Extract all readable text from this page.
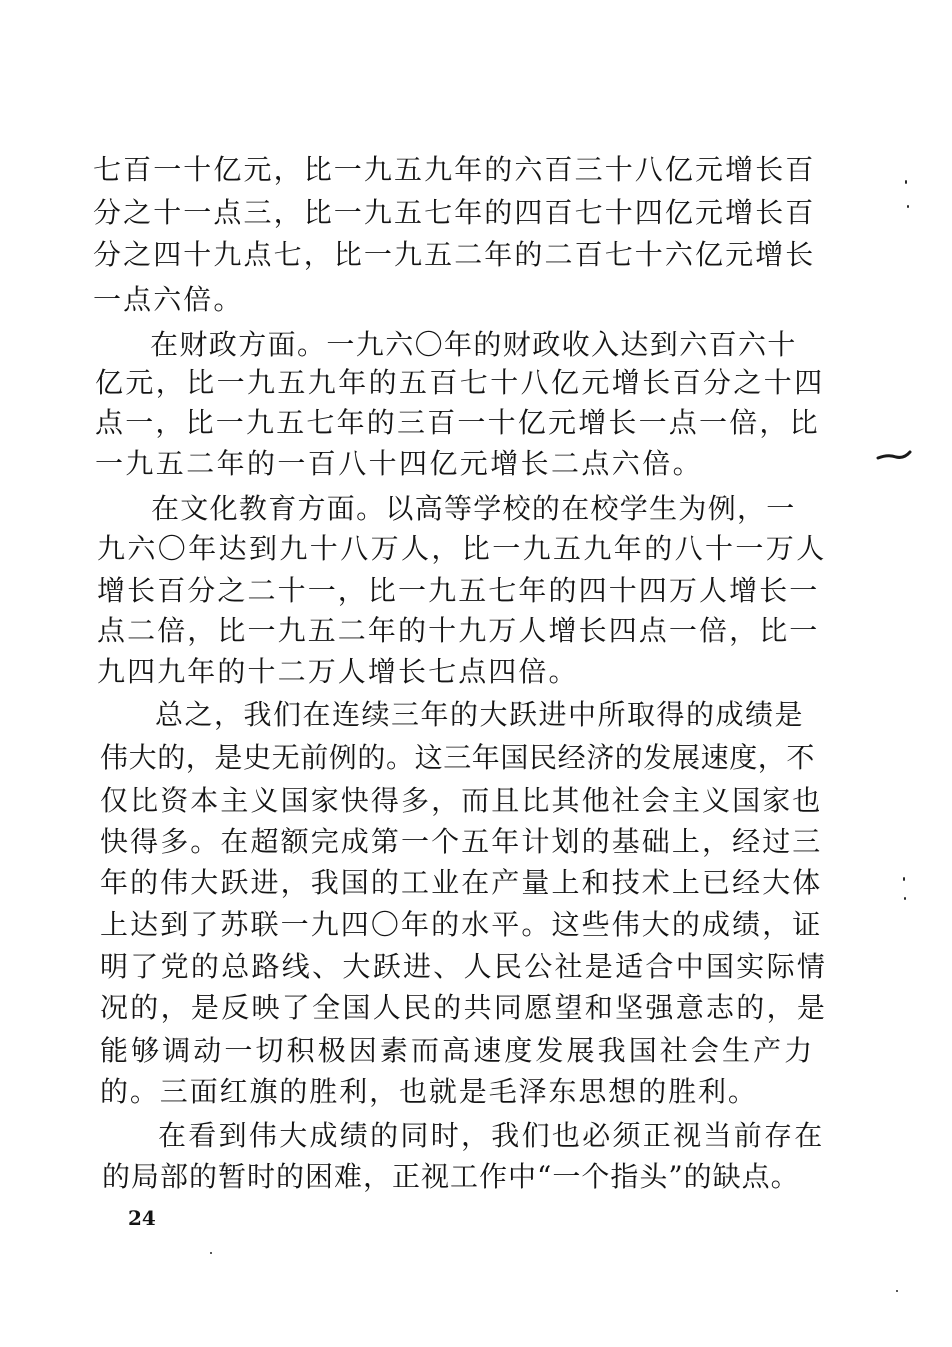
七百一十亿元，比一九五九年的六百三十八亿元增长百
分之十一点三，比一九五七年的四百七十四亿元增长百
分之四十九点七，比一九五二年的二百七十六亿元增长
一点六倍。
在财政方面。一九六〇年的财政收入达到六百六十
亿元，比一九五九年的五百七十八亿元增长百分之十四
点一，比一九五七年的三百一十亿元增长一点一倍，比
一九五二年的一百八十四亿元增长二点六倍。
在文化教育方面。以高等学校的在校学生为例，一
九六〇年达到九十八万人，比一九五九年的八十一万人
增长百分之二十一，比一九五七年的四十四万人增长一
点二倍，比一九五二年的十九万人增长四点一倍，比一
九四九年的十二万人增长七点四倍。
总之，我们在连续三年的大跃进中所取得的成绩是
伟大的，是史无前例的。这三年国民经济的发展速度，不
仅比资本主义国家快得多，而且比其他社会主义国家也
快得多。在超额完成第一个五年计划的基础上，经过三
年的伟大跃进，我国的工业在产量上和技术上已经大体
上达到了苏联一九四〇年的水平。这些伟大的成绩，证
明了党的总路线、大跃进、人民公社是适合中国实际情
况的，是反映了全国人民的共同愿望和坚强意志的，是
能够调动一切积极因素而高速度发展我国社会生产力
的。三面红旗的胜利，也就是毛泽东思想的胜利。
在看到伟大成绩的同时，我们也必须正视当前存在
的局部的暂时的困难，正视工作中“一个指头”的缺点。
24
